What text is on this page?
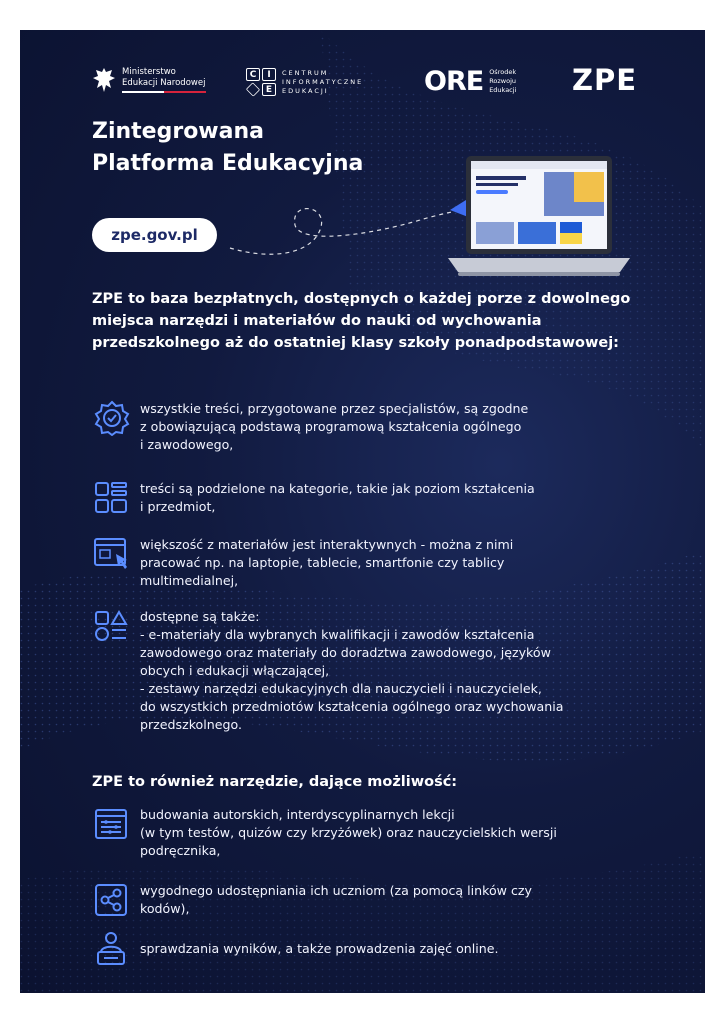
Ministerstwo
Edukacji Narodowej
C	I
E
CENTRUM
INFORMATYCZNE
EDUKACJI	ORE Ośrodek
Rozwoju
Edukacji ZPE
Zintegrowana
Platforma Edukacyjna
zpe.gov.pl
ZPE to baza bezpłatnych, dostępnych o każdej porze z dowolnego miejsca narzędzi i materiałów do nauki od wychowania przedszkolnego aż do ostatniej klasy szkoły ponadpodstawowej:
wszystkie treści, przygotowane przez specjalistów, są zgodne
z obowiązującą podstawą programową kształcenia ogólnego
i zawodowego,
treści są podzielone na kategorie, takie jak poziom kształcenia
i przedmiot,
większość z materiałów jest interaktywnych - można z nimi
pracować np. na laptopie, tablecie, smartfonie czy tablicy
multimedialnej,
dostępne są także:
- e-materiały dla wybranych kwalifikacji i zawodów kształcenia
zawodowego oraz materiały do doradztwa zawodowego, języków
obcych i edukacji włączającej,
- zestawy narzędzi edukacyjnych dla nauczycieli i nauczycielek,
do wszystkich przedmiotów kształcenia ogólnego oraz wychowania
przedszkolnego.
ZPE to również narzędzie, dające możliwość:
budowania autorskich, interdyscyplinarnych lekcji
(w tym testów, quizów czy krzyżówek) oraz nauczycielskich wersji
podręcznika,
wygodnego udostępniania ich uczniom (za pomocą linków czy
kodów),
sprawdzania wyników, a także prowadzenia zajęć online.
